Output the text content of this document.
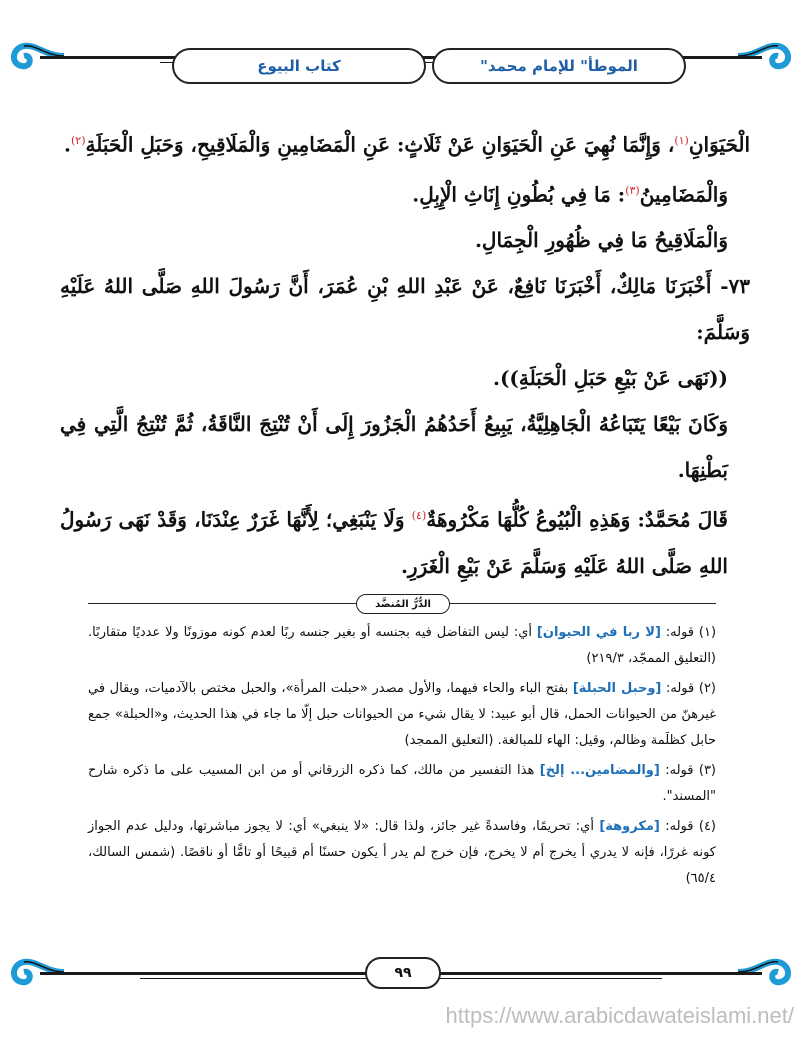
كتاب البيوع	"الموطأ" للإمام محمد

الْحَيَوَانِ$^{(١)}$، وَإِنَّمَا نُهِيَ عَنِ الْحَيَوَانِ عَنْ ثَلَاثٍ: عَنِ الْمَضَامِينِ وَالْمَلَاقِيحِ، وَحَبَلِ الْحَبَلَةِ$^{(٢)}$.

وَالْمَضَامِينُ$^{(٣)}$: مَا فِي بُطُونِ إِنَاثِ الْإِبِلِ.

وَالْمَلَاقِيحُ مَا فِي ظُهُورِ الْجِمَالِ.

٧٣- أَخْبَرَنَا مَالِكٌ، أَخْبَرَنَا نَافِعٌ، عَنْ عَبْدِ اللهِ بْنِ عُمَرَ، أَنَّ رَسُولَ اللهِ صَلَّى اللهُ عَلَيْهِ وَسَلَّمَ:

((نَهَى عَنْ بَيْعِ حَبَلِ الْحَبَلَةِ)).

وَكَانَ بَيْعًا يَتَبَاعُهُ الْجَاهِلِيَّةُ، يَبِيعُ أَحَدُهُمُ الْجَزُورَ إِلَى أَنْ تُنْتِجَ النَّاقَةُ، ثُمَّ تُنْتِجُ الَّتِي فِي بَطْنِهَا.

قَالَ مُحَمَّدٌ: وَهَذِهِ الْبُيُوعُ كُلُّهَا مَكْرُوهَةٌ$^{(٤)}$ وَلَا يَنْبَغِي؛ لِأَنَّهَا غَرَرٌ عِنْدَنَا، وَقَدْ نَهَى رَسُولُ اللهِ صَلَّى اللهُ عَلَيْهِ وَسَلَّمَ عَنْ بَيْعِ الْغَرَرِ.

الدُّرُّ المُنضَّد

(١) قوله: [لا ربا في الحيوان] أي: ليس التفاضل فيه بجنسه أو بغير جنسه ربًا لعدم كونه موزونًا ولا عدديًا متقاربًا. (التعليق الممجّد، ٢١٩/٣)

(٢) قوله: [وحبل الحبلة] بفتح الباء والحاء فيهما، والأول مصدر «حبلت المرأة»، والحبل مختص بالآدميات، ويقال في غيرهنّ من الحيوانات الحمل، قال أبو عبيد: لا يقال شيء من الحيوانات حبل إلّا ما جاء في هذا الحديث، و«الحبلة» جمع حابل كظلَمة وظالم، وقيل: الهاء للمبالغة. (التعليق الممجد)

(٣) قوله: [والمضامين... إلخ] هذا التفسير من مالك، كما ذكره الزرقاني أو من ابن المسيب على ما ذكره شارح "المسند".

(٤) قوله: [مكروهة] أي: تحريمًا، وفاسدةً غير جائز، ولذا قال: «لا ينبغي» أي: لا يجوز مباشرتها، ودليل عدم الجواز كونه غررًا، فإنه لا يدري أ يخرج أم لا يخرج، فإن خرج لم يدر أ يكون حسنًا أم قبيحًا أو تامًّا أو ناقصًا. (شمس السالك، ٦٥/٤)

٩٩
https://www.arabicdawateislami.net/
